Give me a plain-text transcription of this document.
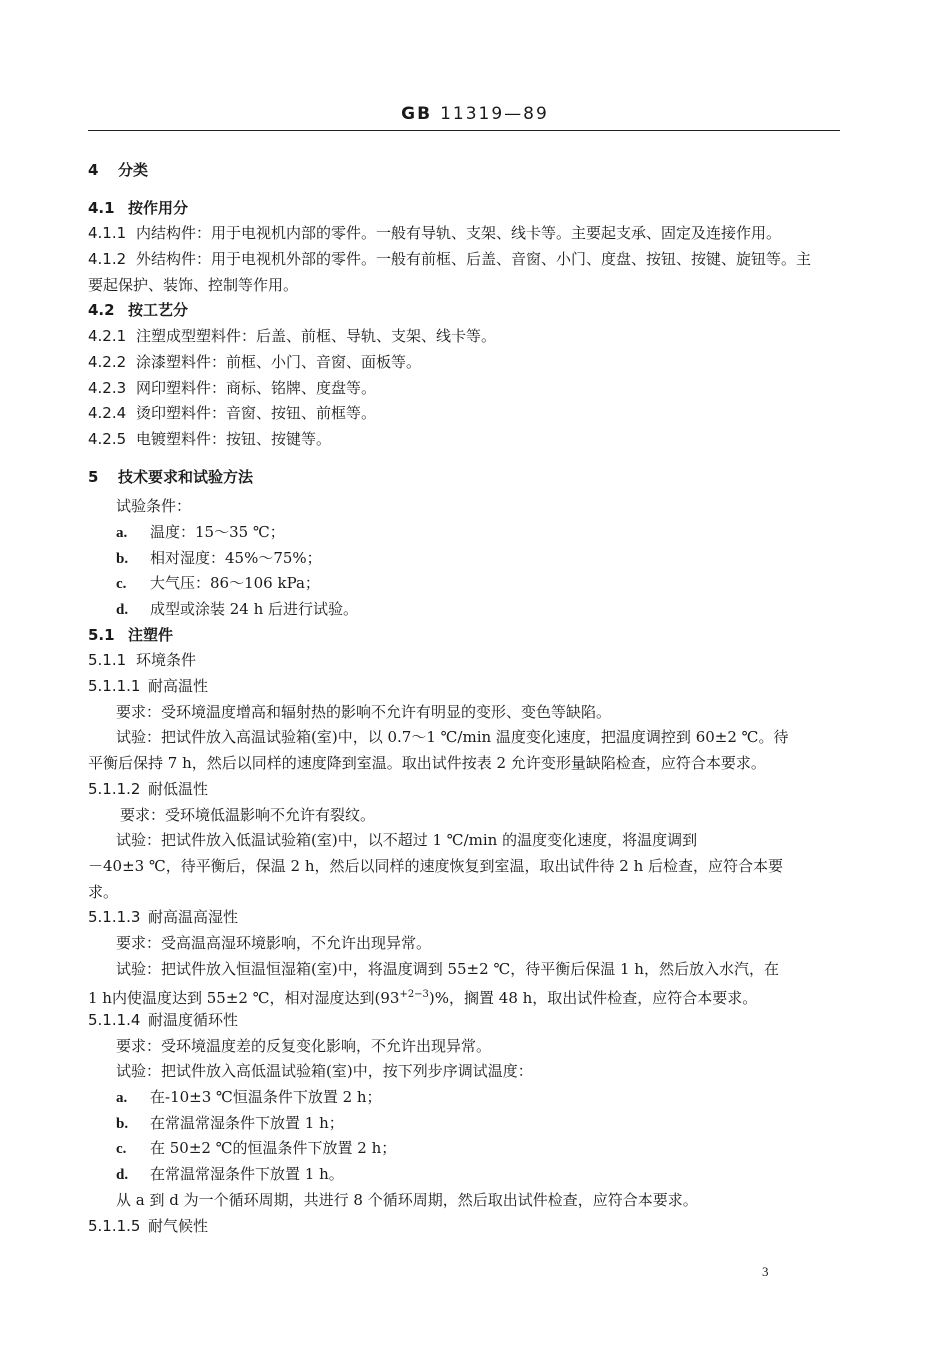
GB 11319—89
4 分类
4.1 按作用分
4.1.1 内结构件：用于电视机内部的零件。一般有导轨、支架、线卡等。主要起支承、固定及连接作用。
4.1.2 外结构件：用于电视机外部的零件。一般有前框、后盖、音窗、小门、度盘、按钮、按键、旋钮等。主
要起保护、装饰、控制等作用。
4.2 按工艺分
4.2.1 注塑成型塑料件：后盖、前框、导轨、支架、线卡等。
4.2.2 涂漆塑料件：前框、小门、音窗、面板等。
4.2.3 网印塑料件：商标、铭牌、度盘等。
4.2.4 烫印塑料件：音窗、按钮、前框等。
4.2.5 电镀塑料件：按钮、按键等。
5 技术要求和试验方法
试验条件：
a. 温度：15～35 ℃；
b. 相对湿度：45%～75%；
c. 大气压：86～106 kPa；
d. 成型或涂装 24 h 后进行试验。
5.1 注塑件
5.1.1 环境条件
5.1.1.1 耐高温性
要求：受环境温度增高和辐射热的影响不允许有明显的变形、变色等缺陷。
试验：把试件放入高温试验箱(室)中，以 0.7～1 ℃/min 温度变化速度，把温度调控到 60±2 ℃。待
平衡后保持 7 h，然后以同样的速度降到室温。取出试件按表 2 允许变形量缺陷检查，应符合本要求。
5.1.1.2 耐低温性
要求：受环境低温影响不允许有裂纹。
试验：把试件放入低温试验箱(室)中，以不超过 1 ℃/min 的温度变化速度，将温度调到
－40±3 ℃，待平衡后，保温 2 h，然后以同样的速度恢复到室温，取出试件待 2 h 后检查，应符合本要
求。
5.1.1.3 耐高温高湿性
要求：受高温高湿环境影响，不允许出现异常。
试验：把试件放入恒温恒湿箱(室)中，将温度调到 55±2 ℃，待平衡后保温 1 h，然后放入水汽，在
1 h内使温度达到 55±2 ℃，相对湿度达到$(93^{+2-3})\%$，搁置 48 h，取出试件检查，应符合本要求。
5.1.1.4 耐温度循环性
要求：受环境温度差的反复变化影响，不允许出现异常。
试验：把试件放入高低温试验箱(室)中，按下列步序调试温度：
a. 在-10±3 ℃恒温条件下放置 2 h；
b. 在常温常湿条件下放置 1 h；
c. 在 50±2 ℃的恒温条件下放置 2 h；
d. 在常温常湿条件下放置 1 h。
从 a 到 d 为一个循环周期，共进行 8 个循环周期，然后取出试件检查，应符合本要求。
5.1.1.5 耐气候性
3
